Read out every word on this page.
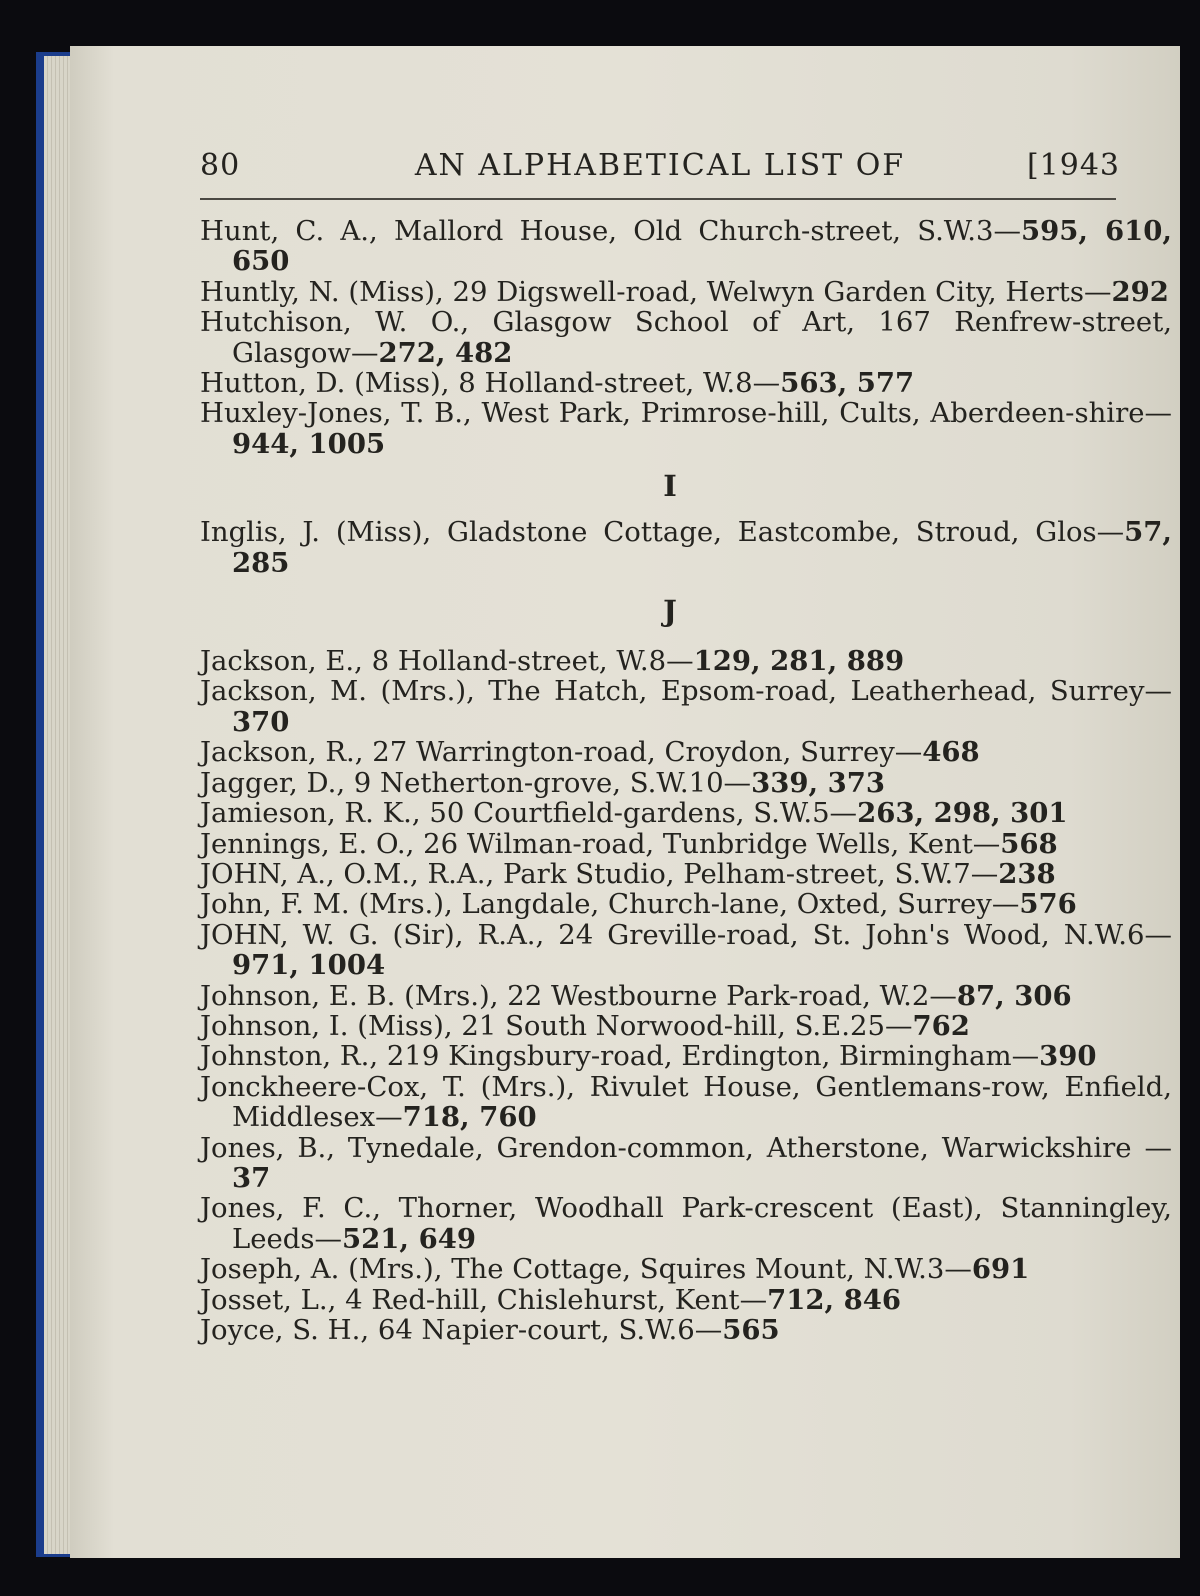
80	AN ALPHABETICAL LIST OF	[1943
Hunt, C. A., Mallord House, Old Church-street, S.W.3—595, 610, 650
Huntly, N. (Miss), 29 Digswell-road, Welwyn Garden City, Herts—292
Hutchison, W. O., Glasgow School of Art, 167 Renfrew-street, Glasgow—272, 482
Hutton, D. (Miss), 8 Holland-street, W.8—563, 577
Huxley-Jones, T. B., West Park, Primrose-hill, Cults, Aberdeen-shire—944, 1005
I
Inglis, J. (Miss), Gladstone Cottage, Eastcombe, Stroud, Glos—57, 285
J
Jackson, E., 8 Holland-street, W.8—129, 281, 889
Jackson, M. (Mrs.), The Hatch, Epsom-road, Leatherhead, Surrey—370
Jackson, R., 27 Warrington-road, Croydon, Surrey—468
Jagger, D., 9 Netherton-grove, S.W.10—339, 373
Jamieson, R. K., 50 Courtfield-gardens, S.W.5—263, 298, 301
Jennings, E. O., 26 Wilman-road, Tunbridge Wells, Kent—568
JOHN, A., O.M., R.A., Park Studio, Pelham-street, S.W.7—238
John, F. M. (Mrs.), Langdale, Church-lane, Oxted, Surrey—576
JOHN, W. G. (Sir), R.A., 24 Greville-road, St. John's Wood, N.W.6—971, 1004
Johnson, E. B. (Mrs.), 22 Westbourne Park-road, W.2—87, 306
Johnson, I. (Miss), 21 South Norwood-hill, S.E.25—762
Johnston, R., 219 Kingsbury-road, Erdington, Birmingham—390
Jonckheere-Cox, T. (Mrs.), Rivulet House, Gentlemans-row, Enfield, Middlesex—718, 760
Jones, B., Tynedale, Grendon-common, Atherstone, Warwickshire —37
Jones, F. C., Thorner, Woodhall Park-crescent (East), Stanningley, Leeds—521, 649
Joseph, A. (Mrs.), The Cottage, Squires Mount, N.W.3—691
Josset, L., 4 Red-hill, Chislehurst, Kent—712, 846
Joyce, S. H., 64 Napier-court, S.W.6—565
